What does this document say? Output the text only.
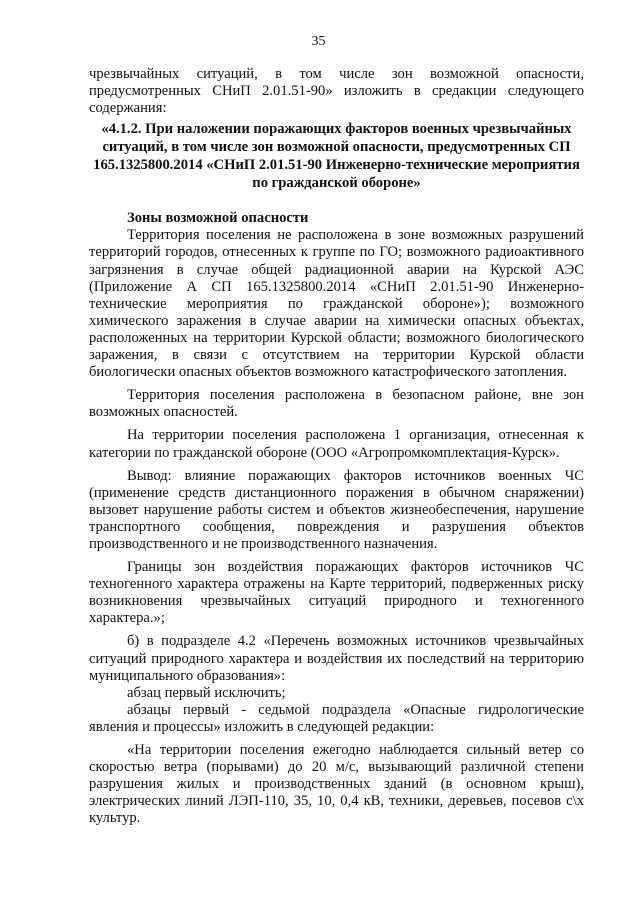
35

чрезвычайных ситуаций, в том числе зон возможной опасности, предусмотренных СНиП 2.01.51-90» изложить в средакции следующего содержания:

«4.1.2. При наложении поражающих факторов военных чрезвычайных ситуаций, в том числе зон возможной опасности, предусмотренных СП 165.1325800.2014 «СНиП 2.01.51-90 Инженерно-технические мероприятия по гражданской обороне»

Зоны возможной опасности

Территория поселения не расположена в зоне возможных разрушений территорий городов, отнесенных к группе по ГО; возможного радиоактивного загрязнения в случае общей радиационной аварии на Курской АЭС (Приложение А СП 165.1325800.2014 «СНиП 2.01.51-90 Инженерно-технические мероприятия по гражданской обороне»); возможного химического заражения в случае аварии на химически опасных объектах, расположенных на территории Курской области; возможного биологического заражения, в связи с отсутствием на территории Курской области биологически опасных объектов возможного катастрофического затопления.

Территория поселения расположена в безопасном районе, вне зон возможных опасностей.

На территории поселения расположена 1 организация, отнесенная к категории по гражданской обороне (ООО «Агропромкомплектация-Курск».

Вывод: влияние поражающих факторов источников военных ЧС (применение средств дистанционного поражения в обычном снаряжении) вызовет нарушение работы систем и объектов жизнеобеспечения, нарушение транспортного сообщения, повреждения и разрушения объектов производственного и не производственного назначения.

Границы зон воздействия поражающих факторов источников ЧС техногенного характера отражены на Карте территорий, подверженных риску возникновения чрезвычайных ситуаций природного и техногенного характера.»;

б) в подразделе 4.2 «Перечень возможных источников чрезвычайных ситуаций природного характера и воздействия их последствий на территорию муниципального образования»:

абзац первый исключить;

абзацы первый - седьмой подраздела «Опасные гидрологические явления и процессы» изложить в следующей редакции:

«На территории поселения ежегодно наблюдается сильный ветер со скоростью ветра (порывами) до 20 м/с, вызывающий различной степени разрушения жилых и производственных зданий (в основном крыш), электрических линий ЛЭП-110, 35, 10, 0,4 кВ, техники, деревьев, посевов с\х культур.
